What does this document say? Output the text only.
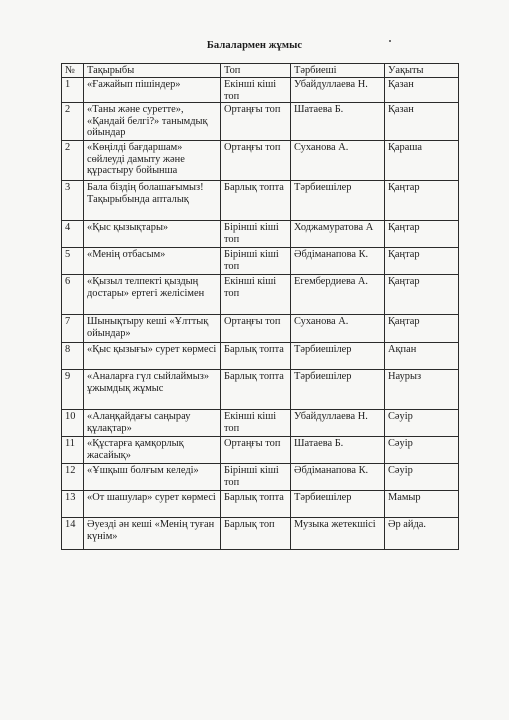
Балалармен жұмыс
№	Тақырыбы	Топ	Тәрбиеші	Уақыты
1	«Ғажайып пішіндер»	Екінші кіші топ	Убайдуллаева Н.	Қазан
2	«Таны және суретте», «Қандай белгі?» танымдық ойындар	Ортаңғы топ	Шатаева Б.	Қазан
2	«Көңілді бағдаршам» сөйлеуді дамыту және құрастыру бойынша	Ортаңғы топ	Суханова А.	Қараша
3	Бала біздің болашағымыз! Тақырыбында апталық	Барлық топта	Тәрбиешілер	Қаңтар
4	«Қыс қызықтары»	Бірінші кіші топ	Ходжамуратова А	Қаңтар
5	«Менің отбасым»	Бірінші кіші топ	Әбдіманапова К.	Қаңтар
6	«Қызыл телпекті қыздың достары» ертегі желісімен	Екінші кіші топ	Егембердиева А.	Қаңтар
7	Шынықтыру кеші «Ұлттық ойындар»	Ортаңғы топ	Суханова А.	Қаңтар
8	«Қыс қызығы» сурет көрмесі	Барлық топта	Тәрбиешілер	Ақпан
9	«Аналарға гүл сыйлаймыз» ұжымдық жұмыс	Барлық топта	Тәрбиешілер	Наурыз
10	«Алаңқайдағы саңырау құлақтар»	Екінші кіші топ	Убайдуллаева Н.	Сәуір
11	«Құстарға қамқорлық жасайық»	Ортаңғы топ	Шатаева Б.	Сәуір
12	«Ұшқыш болғым келеді»	Бірінші кіші топ	Әбдіманапова К.	Сәуір
13	«От шашулар» сурет көрмесі	Барлық топта	Тәрбиешілер	Мамыр
14	Әуезді ән кеші «Менің туған күнім»	Барлық топ	Музыка жетекшісі	Әр айда.
